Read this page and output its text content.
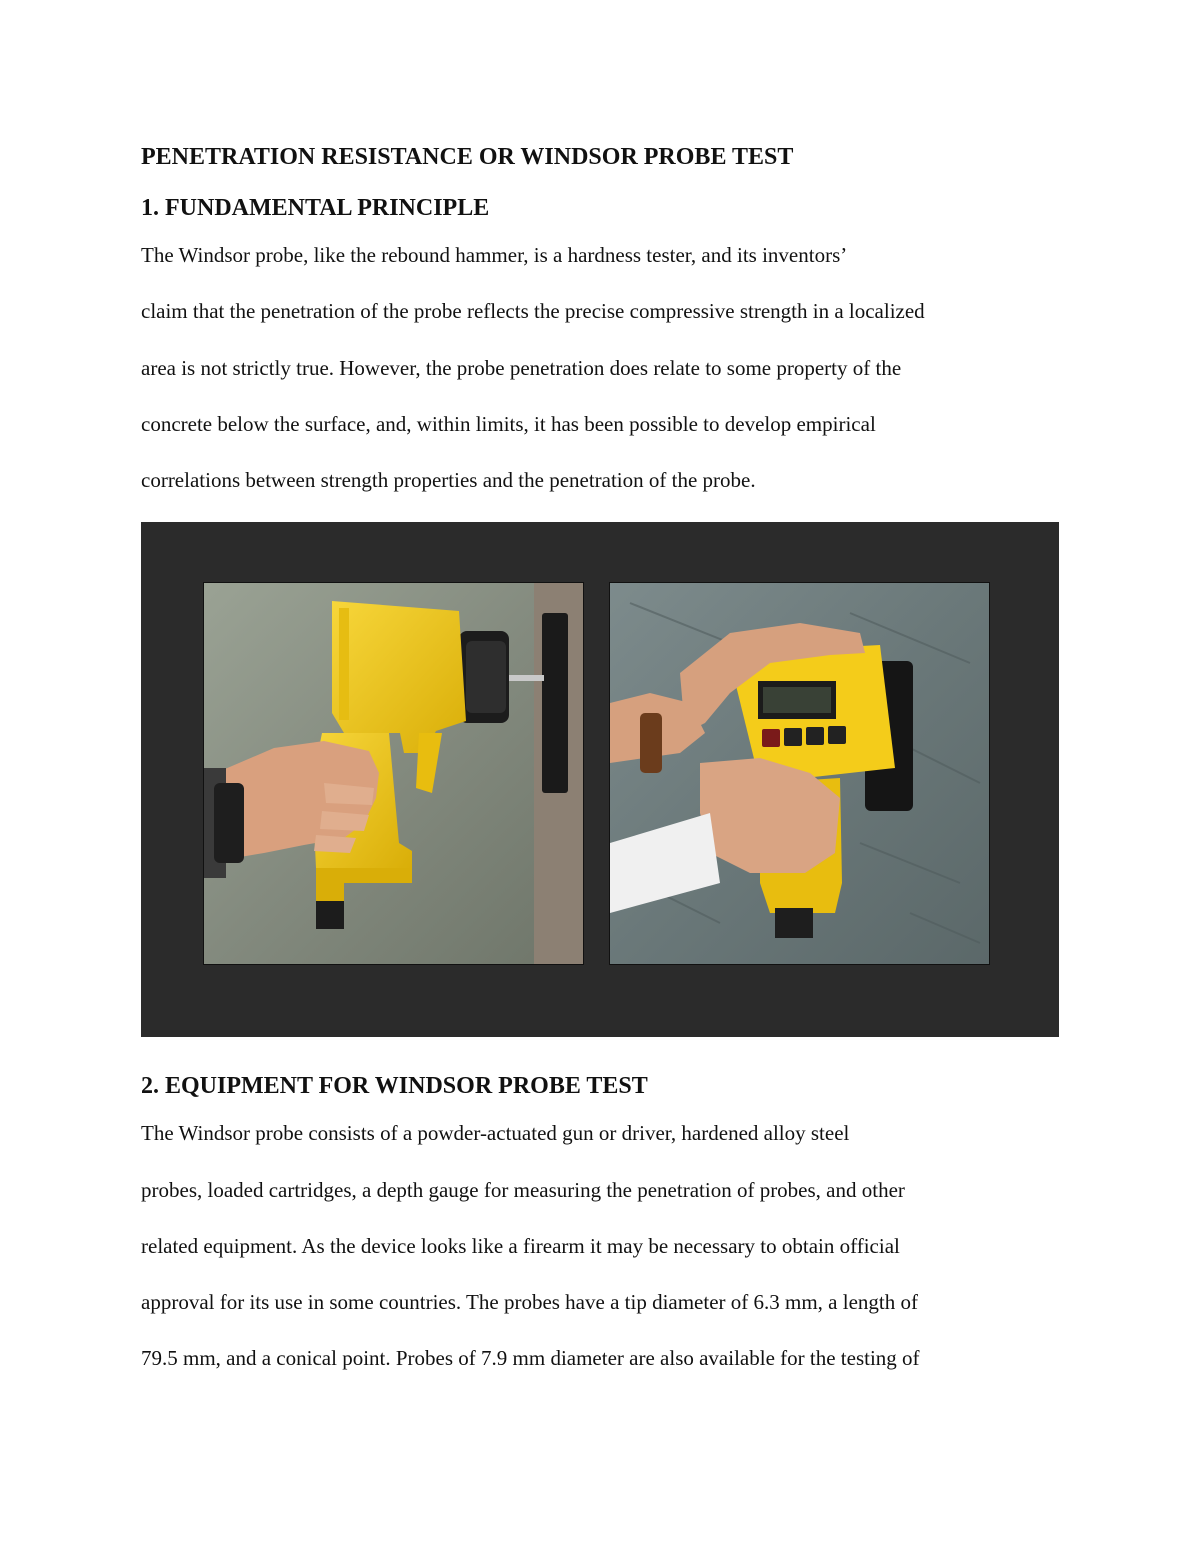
PENETRATION RESISTANCE OR WINDSOR PROBE TEST
1. FUNDAMENTAL PRINCIPLE

The Windsor probe, like the rebound hammer, is a hardness tester, and its inventors’

claim that the penetration of the probe reflects the precise compressive strength in a localized

area is not strictly true. However, the probe penetration does relate to some property of the

concrete below the surface, and, within limits, it has been possible to develop empirical

correlations between strength properties and the penetration of the probe.

2. EQUIPMENT FOR WINDSOR PROBE TEST

The Windsor probe consists of a powder-actuated gun or driver, hardened alloy steel

probes, loaded cartridges, a depth gauge for measuring the penetration of probes, and other

related equipment. As the device looks like a firearm it may be necessary to obtain official

approval for its use in some countries. The probes have a tip diameter of 6.3 mm, a length of

79.5 mm, and a conical point. Probes of 7.9 mm diameter are also available for the testing of
